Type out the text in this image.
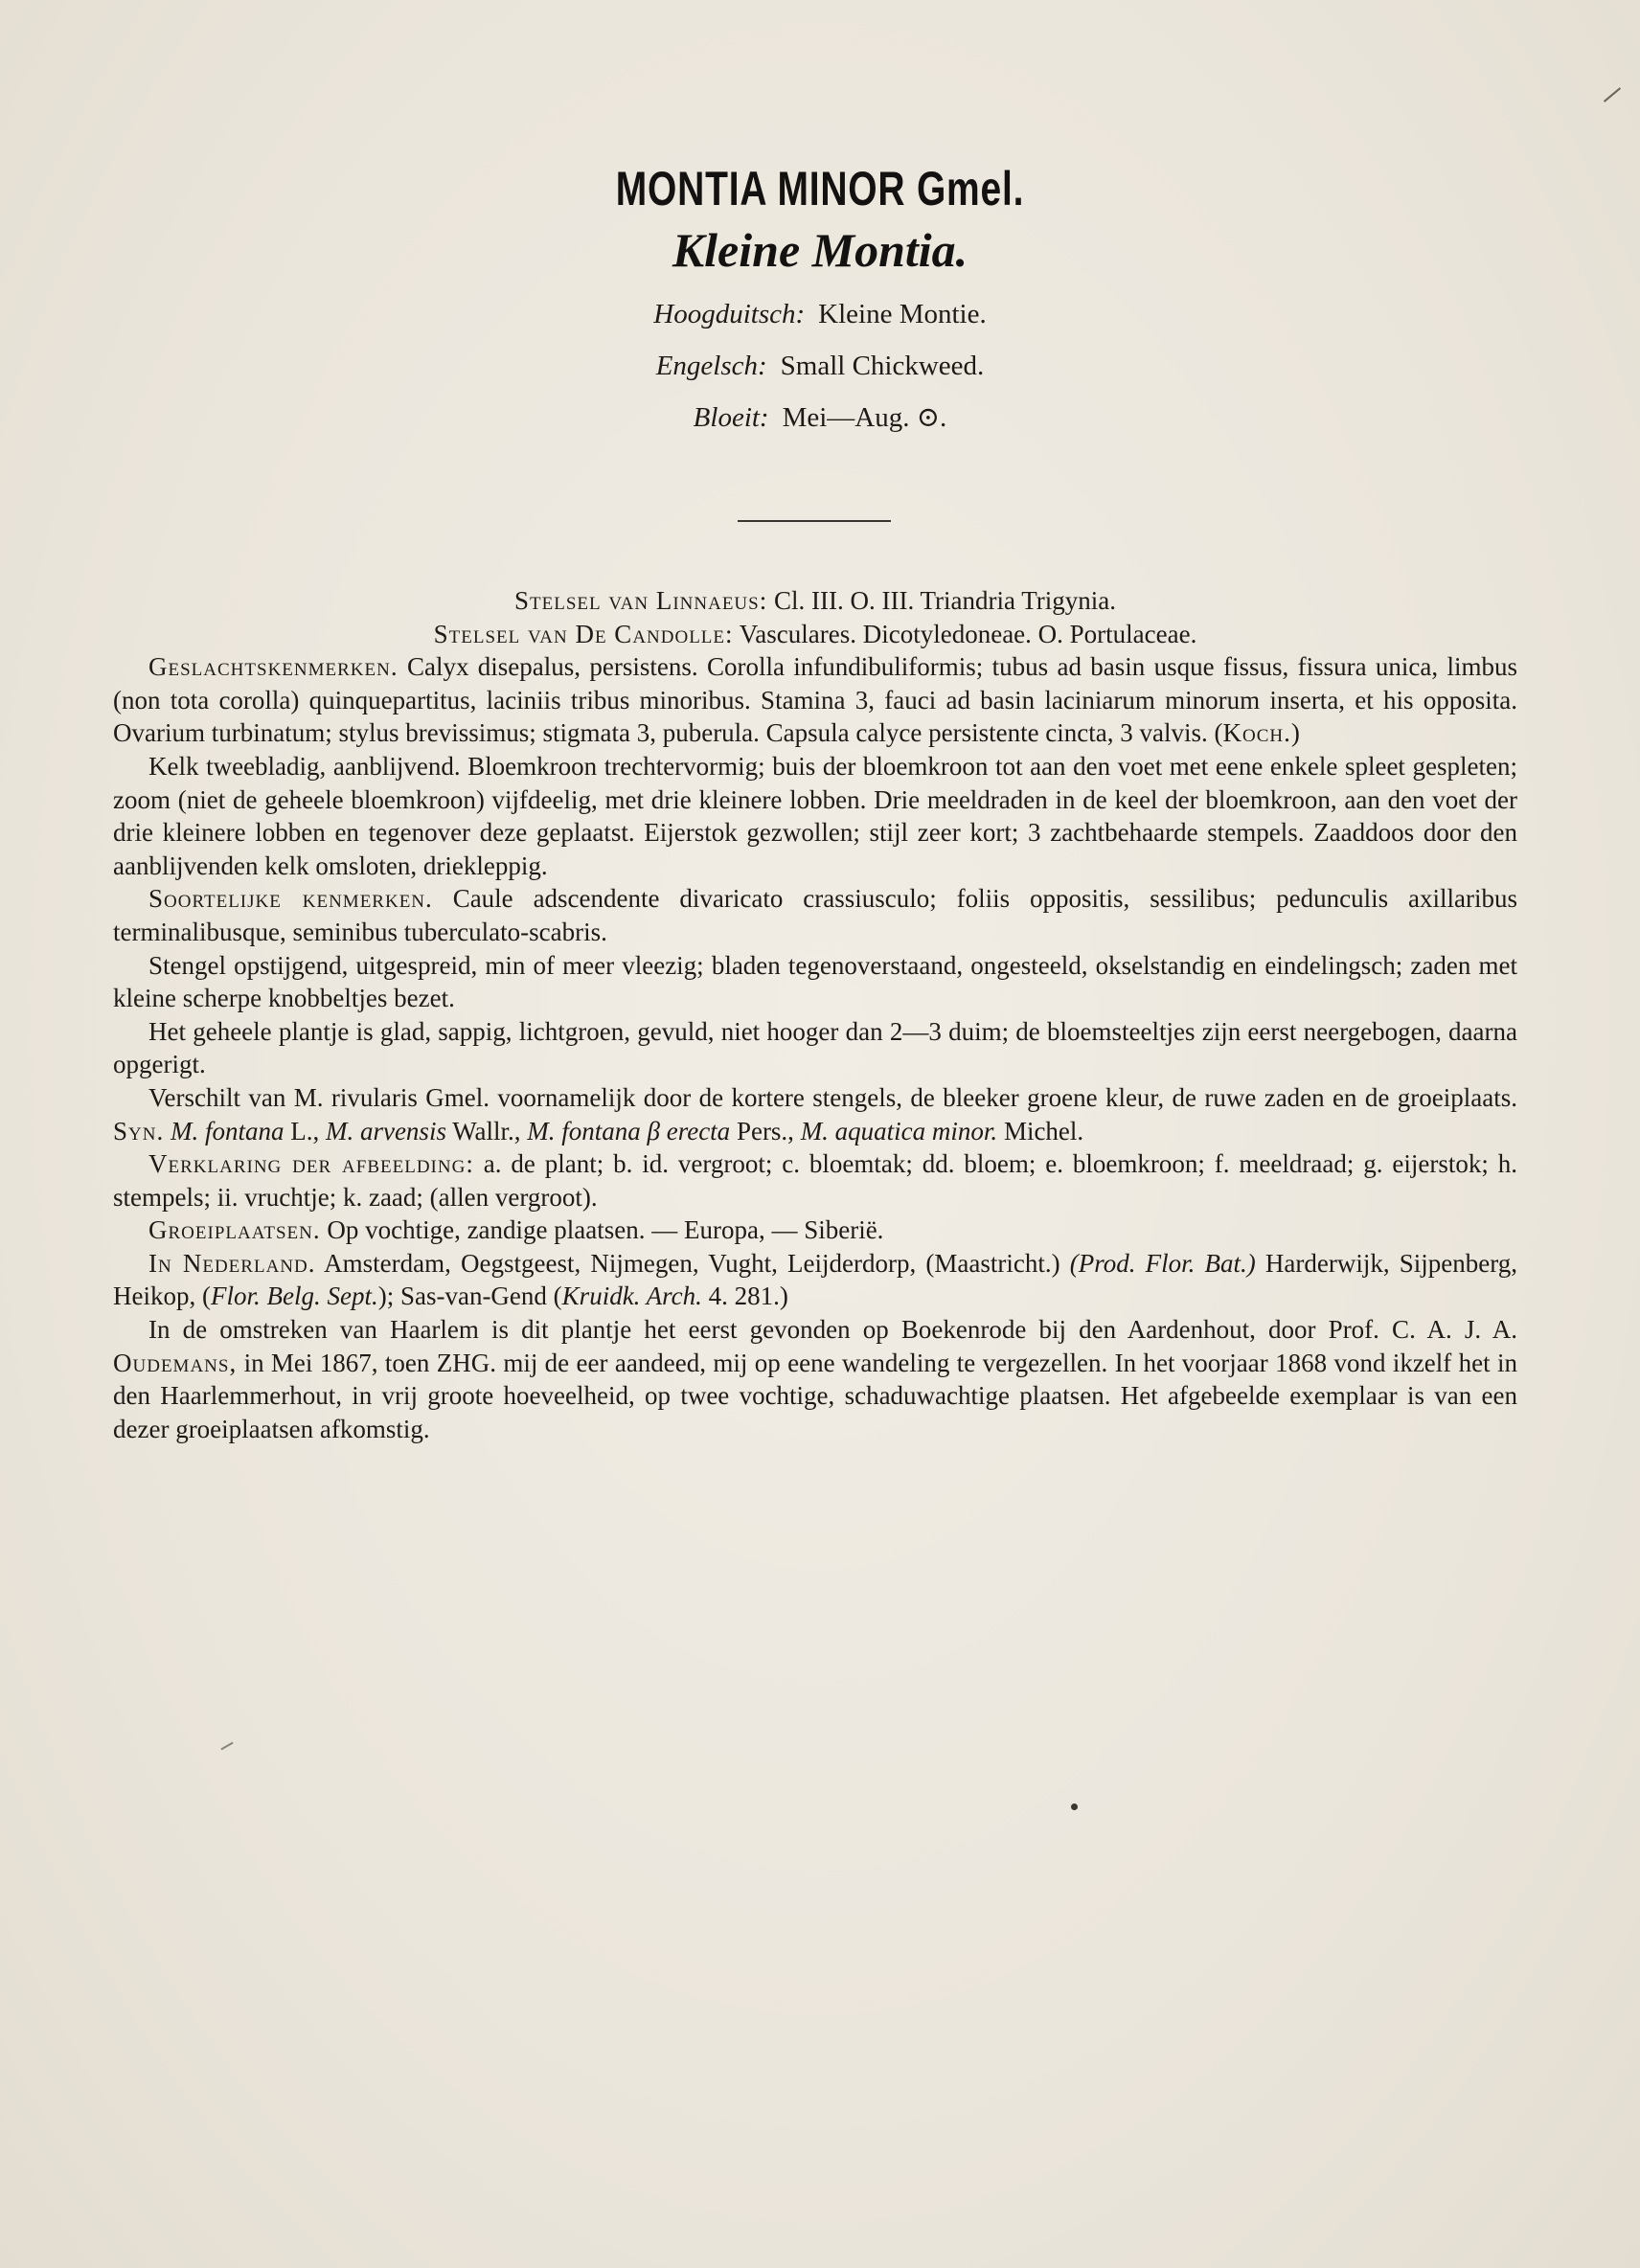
MONTIA MINOR Gmel.
Kleine Montia.
Hoogduitsch: Kleine Montie.
Engelsch: Small Chickweed.
Bloeit: Mei—Aug. ⊙.

Stelsel van Linnaeus: Cl. III. O. III. Triandria Trigynia.

Stelsel van De Candolle: Vasculares. Dicotyledoneae. O. Portulaceae.

Geslachtskenmerken. Calyx disepalus, persistens. Corolla infundibuliformis; tubus ad basin usque fissus, fissura unica, limbus (non tota corolla) quinquepartitus, laciniis tribus minoribus. Stamina 3, fauci ad basin laciniarum minorum inserta, et his opposita. Ovarium turbinatum; stylus brevissimus; stigmata 3, puberula. Capsula calyce persistente cincta, 3 valvis. (Koch.)

Kelk tweebladig, aanblijvend. Bloemkroon trechtervormig; buis der bloemkroon tot aan den voet met eene enkele spleet gespleten; zoom (niet de geheele bloemkroon) vijfdeelig, met drie kleinere lobben. Drie meeldraden in de keel der bloemkroon, aan den voet der drie kleinere lobben en tegenover deze geplaatst. Eijerstok gezwollen; stijl zeer kort; 3 zachtbehaarde stempels. Zaaddoos door den aanblijvenden kelk omsloten, driekleppig.

Soortelijke kenmerken. Caule adscendente divaricato crassiusculo; foliis oppositis, sessilibus; pedunculis axillaribus terminalibusque, seminibus tuberculato-scabris.

Stengel opstijgend, uitgespreid, min of meer vleezig; bladen tegenoverstaand, ongesteeld, okselstandig en eindelingsch; zaden met kleine scherpe knobbeltjes bezet.

Het geheele plantje is glad, sappig, lichtgroen, gevuld, niet hooger dan 2—3 duim; de bloemsteeltjes zijn eerst neergebogen, daarna opgerigt.

Verschilt van M. rivularis Gmel. voornamelijk door de kortere stengels, de bleeker groene kleur, de ruwe zaden en de groeiplaats. Syn. M. fontana L., M. arvensis Wallr., M. fontana β erecta Pers., M. aquatica minor. Michel.

Verklaring der afbeelding: a. de plant; b. id. vergroot; c. bloemtak; dd. bloem; e. bloemkroon; f. meeldraad; g. eijerstok; h. stempels; ii. vruchtje; k. zaad; (allen vergroot).

Groeiplaatsen. Op vochtige, zandige plaatsen. — Europa, — Siberië.

In Nederland. Amsterdam, Oegstgeest, Nijmegen, Vught, Leijderdorp, (Maastricht.) (Prod. Flor. Bat.) Harderwijk, Sijpenberg, Heikop, (Flor. Belg. Sept.); Sas-van-Gend (Kruidk. Arch. 4. 281.)

In de omstreken van Haarlem is dit plantje het eerst gevonden op Boekenrode bij den Aardenhout, door Prof. C. A. J. A. Oudemans, in Mei 1867, toen ZHG. mij de eer aandeed, mij op eene wandeling te vergezellen. In het voorjaar 1868 vond ikzelf het in den Haarlemmerhout, in vrij groote hoeveelheid, op twee vochtige, schaduwachtige plaatsen. Het afgebeelde exemplaar is van een dezer groeiplaatsen afkomstig.
